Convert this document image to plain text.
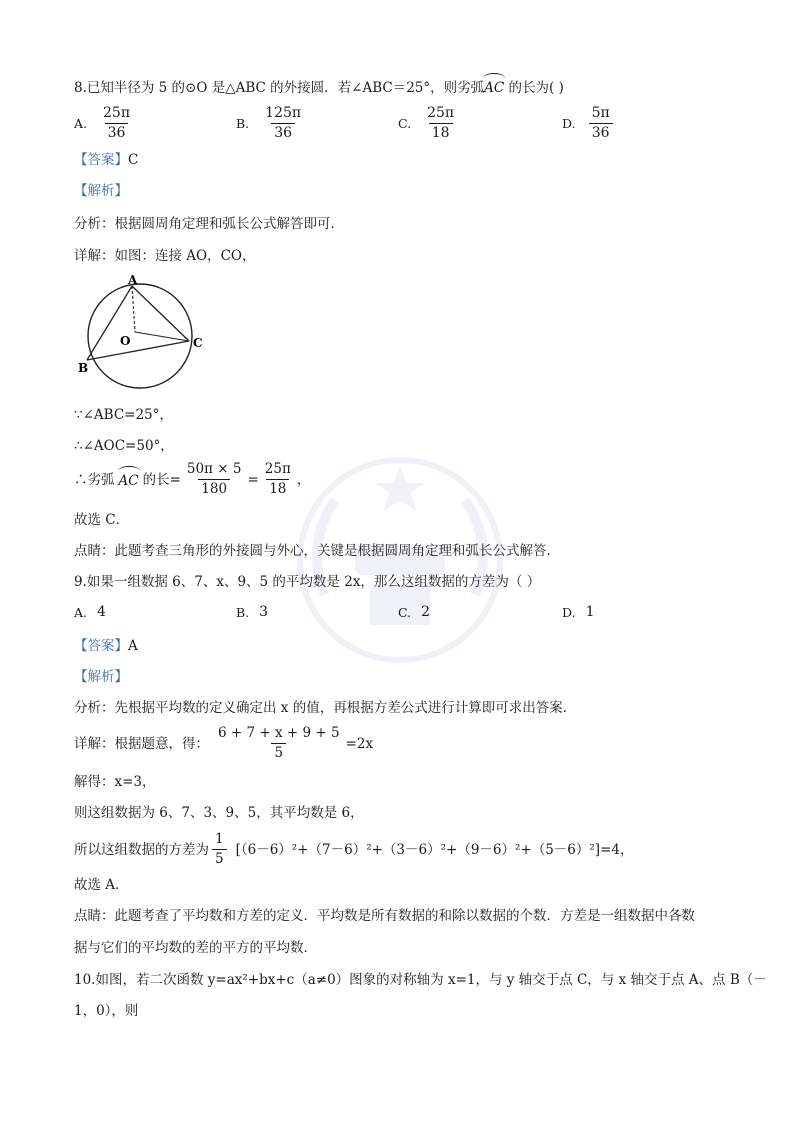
8.已知半径为 5 的⊙O 是△ABC 的外接圆．若∠ABC＝25°，则劣弧AC 的长为( )
A. $\frac{25\pi}{36}$	B. $\frac{125\pi}{36}$	C. $\frac{25\pi}{18}$	D. $\frac{5\pi}{36}$
【答案】C
【解析】
分析：根据圆周角定理和弧长公式解答即可．
详解：如图：连接 AO，CO，
A
O	C
B
∵∠ABC=25°，
∴∠AOC=50°，
∴劣弧 AC 的长= $\frac{50\pi \times 5}{180} = \frac{25\pi}{18}$ ，
故选 C．
点睛：此题考查三角形的外接圆与外心，关键是根据圆周角定理和弧长公式解答．
9.如果一组数据 6、7、x、9、5 的平均数是 2x，那么这组数据的方差为（ ）
A. 4	B. 3	C. 2	D. 1
【答案】A
【解析】
分析：先根据平均数的定义确定出 x 的值，再根据方差公式进行计算即可求出答案．
详解：根据题意，得： $\frac{6 + 7 + x + 9 + 5}{5} =2x$
解得：x=3，
则这组数据为 6、7、3、9、5，其平均数是 6，
所以这组数据的方差为 $\frac{1}{5} [(6-6)^2+(7-6)^2+(3-6)^2+(9-6)^2+(5-6)^2]=4$，
故选 A．
点睛：此题考查了平均数和方差的定义．平均数是所有数据的和除以数据的个数．方差是一组数据中各数
据与它们的平均数的差的平方的平均数．
10.如图，若二次函数 y=ax²+bx+c（a≠0）图象的对称轴为 x=1，与 y 轴交于点 C，与 x 轴交于点 A、点 B（－
1，0），则
